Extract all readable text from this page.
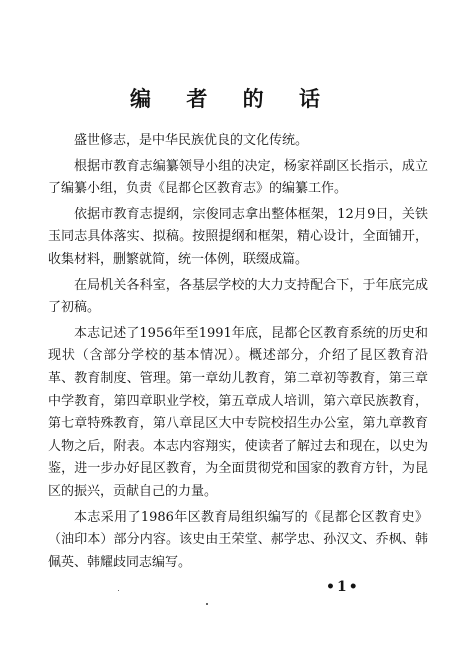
编 者 的 话

盛世修志，是中华民族优良的文化传统。

根据市教育志编纂领导小组的决定，杨家祥副区长指示，成立了编纂小组，负责《昆都仑区教育志》的编纂工作。

依据市教育志提纲，宗俊同志拿出整体框架，12月9日，关铁玉同志具体落实、拟稿。按照提纲和框架，精心设计，全面铺开，收集材料，删繁就简，统一体例，联缀成篇。

在局机关各科室，各基层学校的大力支持配合下，于年底完成了初稿。

本志记述了1956年至1991年底，昆都仑区教育系统的历史和现状（含部分学校的基本情况）。概述部分，介绍了昆区教育沿革、教育制度、管理。第一章幼儿教育，第二章初等教育，第三章中学教育，第四章职业学校，第五章成人培训，第六章民族教育，第七章特殊教育，第八章昆区大中专院校招生办公室，第九章教育人物之后，附表。本志内容翔实，使读者了解过去和现在，以史为鉴，进一步办好昆区教育，为全面贯彻党和国家的教育方针，为昆区的振兴，贡献自己的力量。

本志采用了1986年区教育局组织编写的《昆都仑区教育史》（油印本）部分内容。该史由王荣堂、郝学忠、孙汉文、乔枫、韩佩英、韩耀歧同志编写。

•1•
